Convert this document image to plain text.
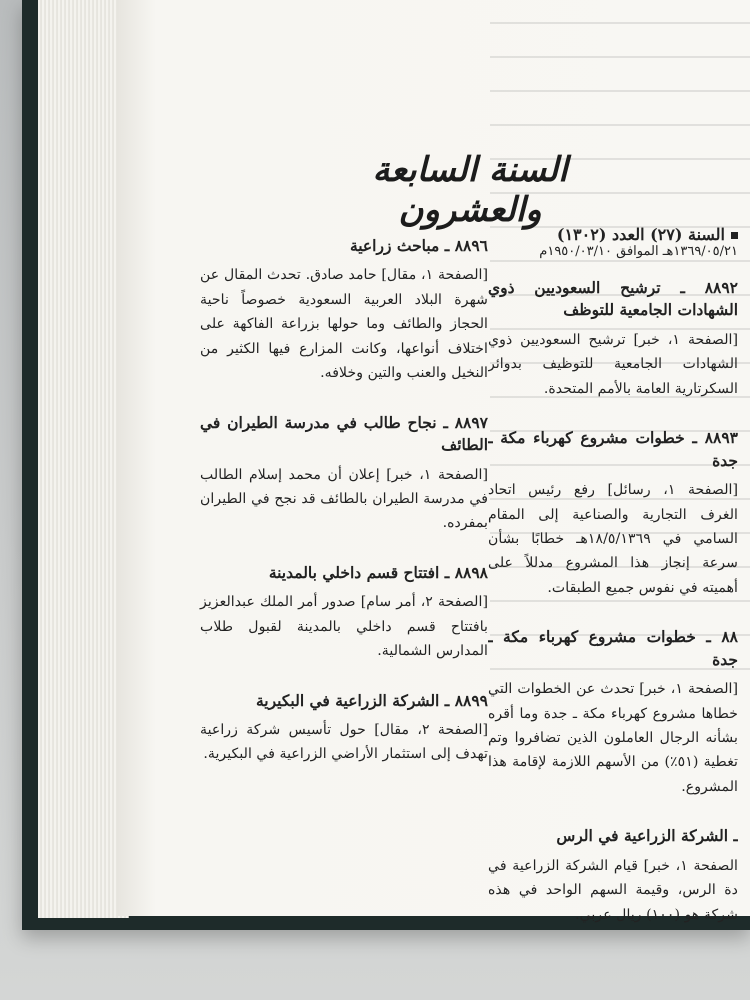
السنة السابعة والعشرون

السنة (٢٧) العدد (١٣٠٢)

١٣٦٩/٠٥/٢١هـ الموافق ١٩٥٠/٠٣/١٠م

٨٨٩٢ ـ ترشيح السعوديين ذوي الشهادات الجامعية للتوظف

[الصفحة ١، خبر] ترشيح السعوديين ذوي الشهادات الجامعية للتوظيف بدوائر السكرتارية العامة بالأمم المتحدة.

٨٨٩٣ ـ خطوات مشروع كهرباء مكة ـ جدة

[الصفحة ١، رسائل] رفع رئيس اتحاد الغرف التجارية والصناعية إلى المقام السامي في ١٨/٥/١٣٦٩هـ خطابًا بشأن سرعة إنجاز هذا المشروع مدللاً على أهميته في نفوس جميع الطبقات.

٨٨ ـ خطوات مشروع كهرباء مكة ـ جدة

[الصفحة ١، خبر] تحدث عن الخطوات التي خطاها مشروع كهرباء مكة ـ جدة وما أقره بشأنه الرجال العاملون الذين تضافروا وتم تغطية (٥١٪) من الأسهم اللازمة لإقامة هذا المشروع.

ـ الشركة الزراعية في الرس

الصفحة ١، خبر] قيام الشركة الزراعية في دة الرس، وقيمة السهم الواحد في هذه شركة هو (١٠٠) ريال عربي.

٨٨٩٦ ـ مباحث زراعية

[الصفحة ١، مقال] حامد صادق. تحدث المقال عن شهرة البلاد العربية السعودية خصوصاً ناحية الحجاز والطائف وما حولها بزراعة الفاكهة على اختلاف أنواعها، وكانت المزارع فيها الكثير من النخيل والعنب والتين وخلافه.

٨٨٩٧ ـ نجاح طالب في مدرسة الطيران في الطائف

[الصفحة ١، خبر] إعلان أن محمد إسلام الطالب في مدرسة الطيران بالطائف قد نجح في الطيران بمفرده.

٨٨٩٨ ـ افتتاح قسم داخلي بالمدينة

[الصفحة ٢، أمر سام] صدور أمر الملك عبدالعزيز بافتتاح قسم داخلي بالمدينة لقبول طلاب المدارس الشمالية.

٨٨٩٩ ـ الشركة الزراعية في البكيرية

[الصفحة ٢، مقال] حول تأسيس شركة زراعية تهدف إلى استثمار الأراضي الزراعية في البكيرية.
